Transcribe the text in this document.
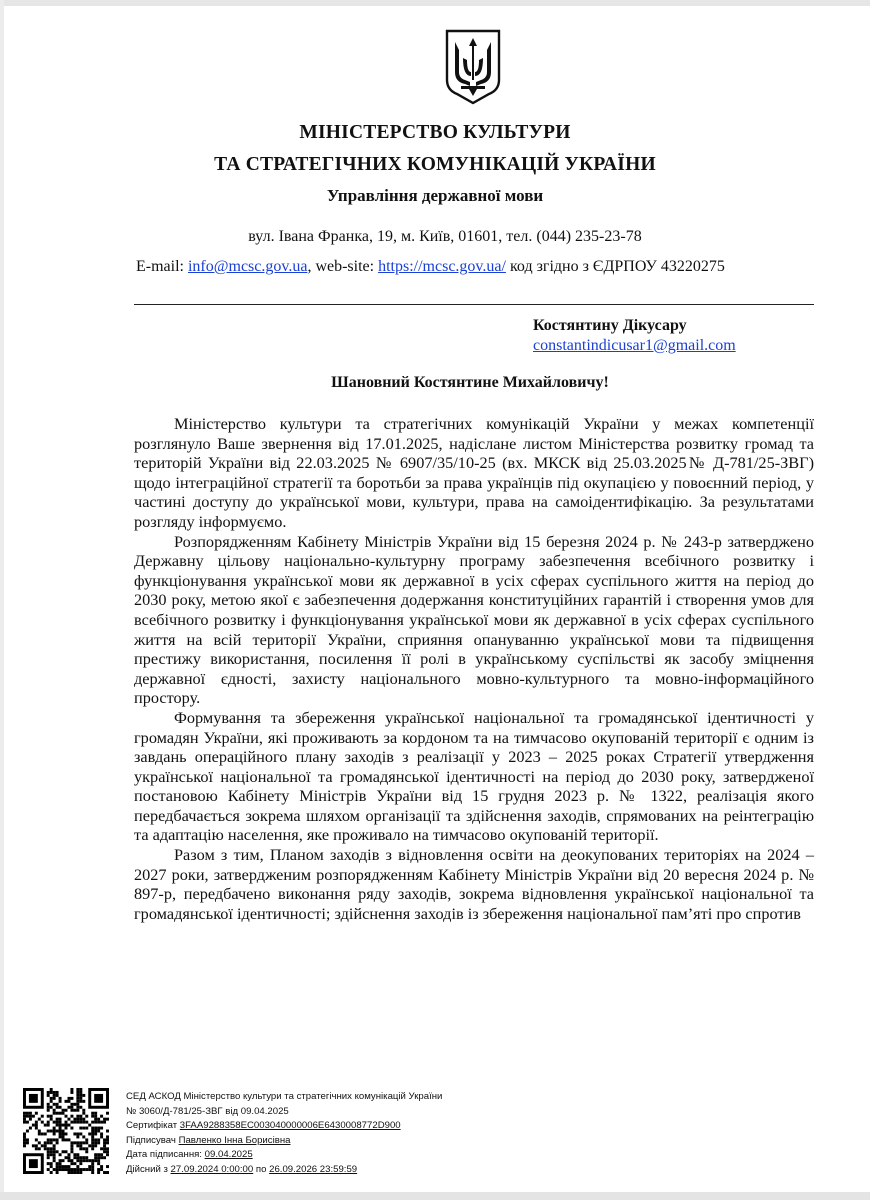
МІНІСТЕРСТВО КУЛЬТУРИ
ТА СТРАТЕГІЧНИХ КОМУНІКАЦІЙ УКРАЇНИ
Управління державної мови
вул. Івана Франка, 19, м. Київ, 01601, тел. (044) 235-23-78
E-mail: info@mcsc.gov.ua, web-site: https://mcsc.gov.ua/ код згідно з ЄДРПОУ 43220275
Костянтину Дікусару
constantindicusar1@gmail.com
Шановний Костянтине Михайловичу!

Міністерство культури та стратегічних комунікацій України у межах компетенції розглянуло Ваше звернення від 17.01.2025, надісланe листом Міністерства розвитку громад та територій України від 22.03.2025 № 6907/35/10-25 (вх. МКСК від 25.03.2025№ Д-781/25-ЗВГ) щодо інтеграційної стратегії та боротьби за права українців під окупацією у повоєнний період, у частині доступу до української мови, культури, права на самоідентифікацію. За результатами розгляду інформуємо.

Розпорядженням Кабінету Міністрів України від 15 березня 2024 р. № 243-р затверджено Державну цільову національно-культурну програму забезпечення всебічного розвитку і функціонування української мови як державної в усіх сферах суспільного життя на період до 2030 року, метою якої є забезпечення додержання конституційних гарантій і створення умов для всебічного розвитку і функціонування української мови як державної в усіх сферах суспільного життя на всій території України, сприяння опануванню української мови та підвищення престижу використання, посилення її ролі в українському суспільстві як засобу зміцнення державної єдності, захисту національного мовно-культурного та мовно-інформаційного простору.

Формування та збереження української національної та громадянської ідентичності у громадян України, які проживають за кордоном та на тимчасово окупованій території є одним із завдань операційного плану заходів з реалізації у 2023 – 2025 роках Стратегії утвердження української національної та громадянської ідентичності на період до 2030 року, затвердженої постановою Кабінету Міністрів України від 15 грудня 2023 р. № 1322, реалізація якого передбачається зокрема шляхом організації та здійснення заходів, спрямованих на реінтеграцію та адаптацію населення, яке проживало на тимчасово окупованій території.

Разом з тим, Планом заходів з відновлення освіти на деокупованих територіях на 2024 – 2027 роки, затвердженим розпорядженням Кабінету Міністрів України від 20 вересня 2024 р. № 897-р, передбачено виконання ряду заходів, зокрема відновлення української національної та громадянської ідентичності; здійснення заходів із збереження національної пам’яті про спротив

СЕД АСКОД Міністерство культури та стратегічних комунікацій України
№ 3060/Д-781/25-ЗВГ від 09.04.2025
Сертифікат 3FAA9288358EC003040000006E6430008772D900
Підписувач Павленко Інна Борисівна
Дата підписання: 09.04.2025
Дійсний з 27.09.2024 0:00:00 по 26.09.2026 23:59:59
